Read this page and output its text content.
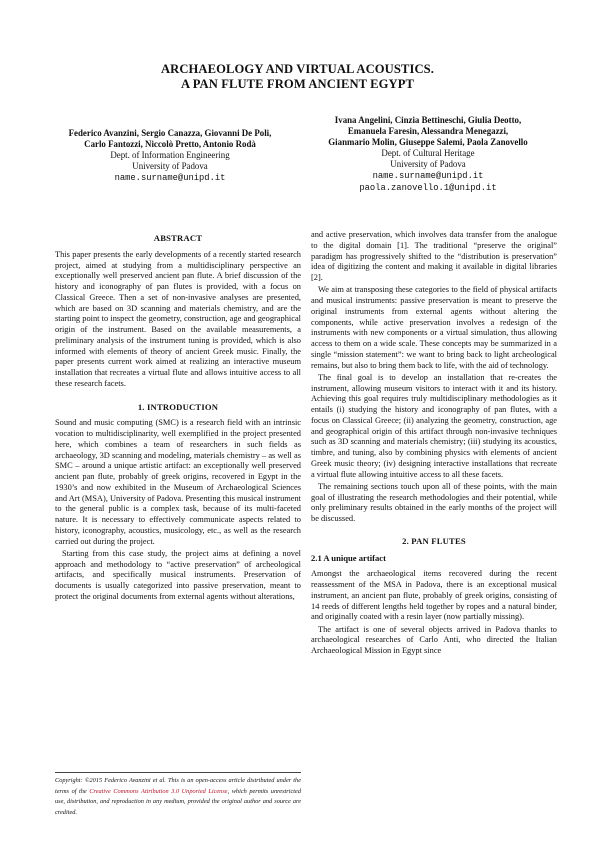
ARCHAEOLOGY AND VIRTUAL ACOUSTICS.
A PAN FLUTE FROM ANCIENT EGYPT
Federico Avanzini, Sergio Canazza, Giovanni De Poli,
Carlo Fantozzi, Niccolò Pretto, Antonio Rodà
Dept. of Information Engineering
University of Padova
name.surname@unipd.it
Ivana Angelini, Cinzia Bettineschi, Giulia Deotto,
Emanuela Faresin, Alessandra Menegazzi,
Gianmario Molin, Giuseppe Salemi, Paola Zanovello
Dept. of Cultural Heritage
University of Padova
name.surname@unipd.it
paola.zanovello.1@unipd.it
ABSTRACT

This paper presents the early developments of a recently started research project, aimed at studying from a multidisciplinary perspective an exceptionally well preserved ancient pan flute. A brief discussion of the history and iconography of pan flutes is provided, with a focus on Classical Greece. Then a set of non-invasive analyses are presented, which are based on 3D scanning and materials chemistry, and are the starting point to inspect the geometry, construction, age and geographical origin of the instrument. Based on the available measurements, a preliminary analysis of the instrument tuning is provided, which is also informed with elements of theory of ancient Greek music. Finally, the paper presents current work aimed at realizing an interactive museum installation that recreates a virtual flute and allows intuitive access to all these research facets.

1. INTRODUCTION

Sound and music computing (SMC) is a research field with an intrinsic vocation to multidisciplinarity, well exemplified in the project presented here, which combines a team of researchers in such fields as archaeology, 3D scanning and modeling, materials chemistry – as well as SMC – around a unique artistic artifact: an exceptionally well preserved ancient pan flute, probably of greek origins, recovered in Egypt in the 1930’s and now exhibited in the Museum of Archaeological Sciences and Art (MSA), University of Padova. Presenting this musical instrument to the general public is a complex task, because of its multi-faceted nature. It is necessary to effectively communicate aspects related to history, iconography, acoustics, musicology, etc., as well as the research carried out during the project.

Starting from this case study, the project aims at defining a novel approach and methodology to “active preservation” of archeological artifacts, and specifically musical instruments. Preservation of documents is usually categorized into passive preservation, meant to protect the original documents from external agents without alterations,

and active preservation, which involves data transfer from the analogue to the digital domain [1]. The traditional “preserve the original” paradigm has progressively shifted to the “distribution is preservation” idea of digitizing the content and making it available in digital libraries [2].

We aim at transposing these categories to the field of physical artifacts and musical instruments: passive preservation is meant to preserve the original instruments from external agents without altering the components, while active preservation involves a redesign of the instruments with new components or a virtual simulation, thus allowing access to them on a wide scale. These concepts may be summarized in a single “mission statement”: we want to bring back to light archeological remains, but also to bring them back to life, with the aid of technology.

The final goal is to develop an installation that re-creates the instrument, allowing museum visitors to interact with it and its history. Achieving this goal requires truly multidisciplinary methodologies as it entails (i) studying the history and iconography of pan flutes, with a focus on Classical Greece; (ii) analyzing the geometry, construction, age and geographical origin of this artifact through non-invasive techniques such as 3D scanning and materials chemistry; (iii) studying its acoustics, timbre, and tuning, also by combining physics with elements of ancient Greek music theory; (iv) designing interactive installations that recreate a virtual flute allowing intuitive access to all these facets.

The remaining sections touch upon all of these points, with the main goal of illustrating the research methodologies and their potential, while only preliminary results obtained in the early months of the project will be discussed.

2. PAN FLUTES
2.1 A unique artifact

Amongst the archaeological items recovered during the recent reassessment of the MSA in Padova, there is an exceptional musical instrument, an ancient pan flute, probably of greek origins, consisting of 14 reeds of different lengths held together by ropes and a natural binder, and originally coated with a resin layer (now partially missing).

The artifact is one of several objects arrived in Padova thanks to archaeological researches of Carlo Anti, who directed the Italian Archaeological Mission in Egypt since

Copyright: ©2015 Federico Avanzini et al. This is an open-access article distributed under the terms of the Creative Commons Attribution 3.0 Unported License, which permits unrestricted use, distribution, and reproduction in any medium, provided the original author and source are credited.
